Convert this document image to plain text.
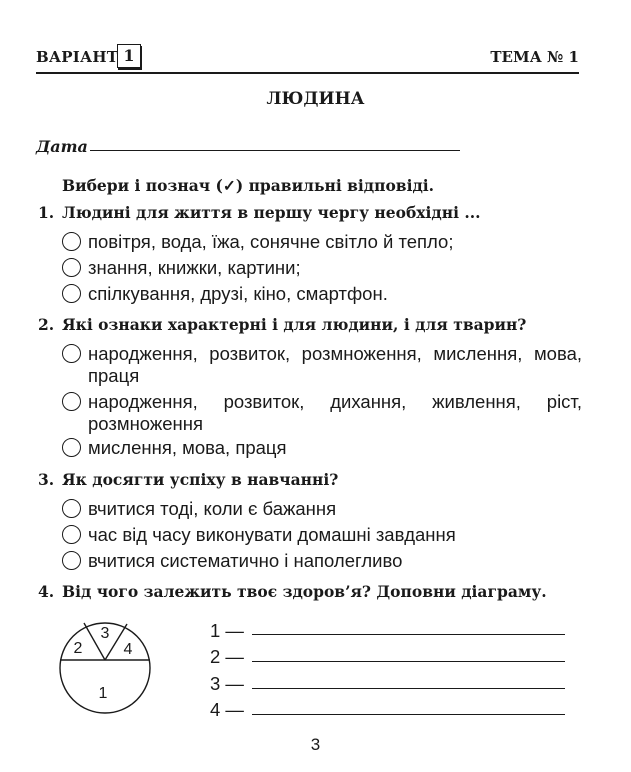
ВАРІАНТ 1	ТЕМА № 1
ЛЮДИНА
Дата
Вибери і познач (✓) правильні відповіді.
1. Людині для життя в першу чергу необхідні ...
повітря, вода, їжа, сонячне світло й тепло;
знання, книжки, картини;
спілкування, друзі, кіно, смартфон.
2. Які ознаки характерні і для людини, і для тварин?
народження, розвиток, розмноження, мислення, мова, праця
народження, розвиток, дихання, живлення, ріст, розмноження
мислення, мова, праця
3. Як досягти успіху в навчанні?
вчитися тоді, коли є бажання
час від часу виконувати домашні завдання
вчитися систематично і наполегливо
4. Від чого залежить твоє здоров’я? Доповни діаграму.
1
2
3
4
1 —
2 —
3 —
4 —
3
